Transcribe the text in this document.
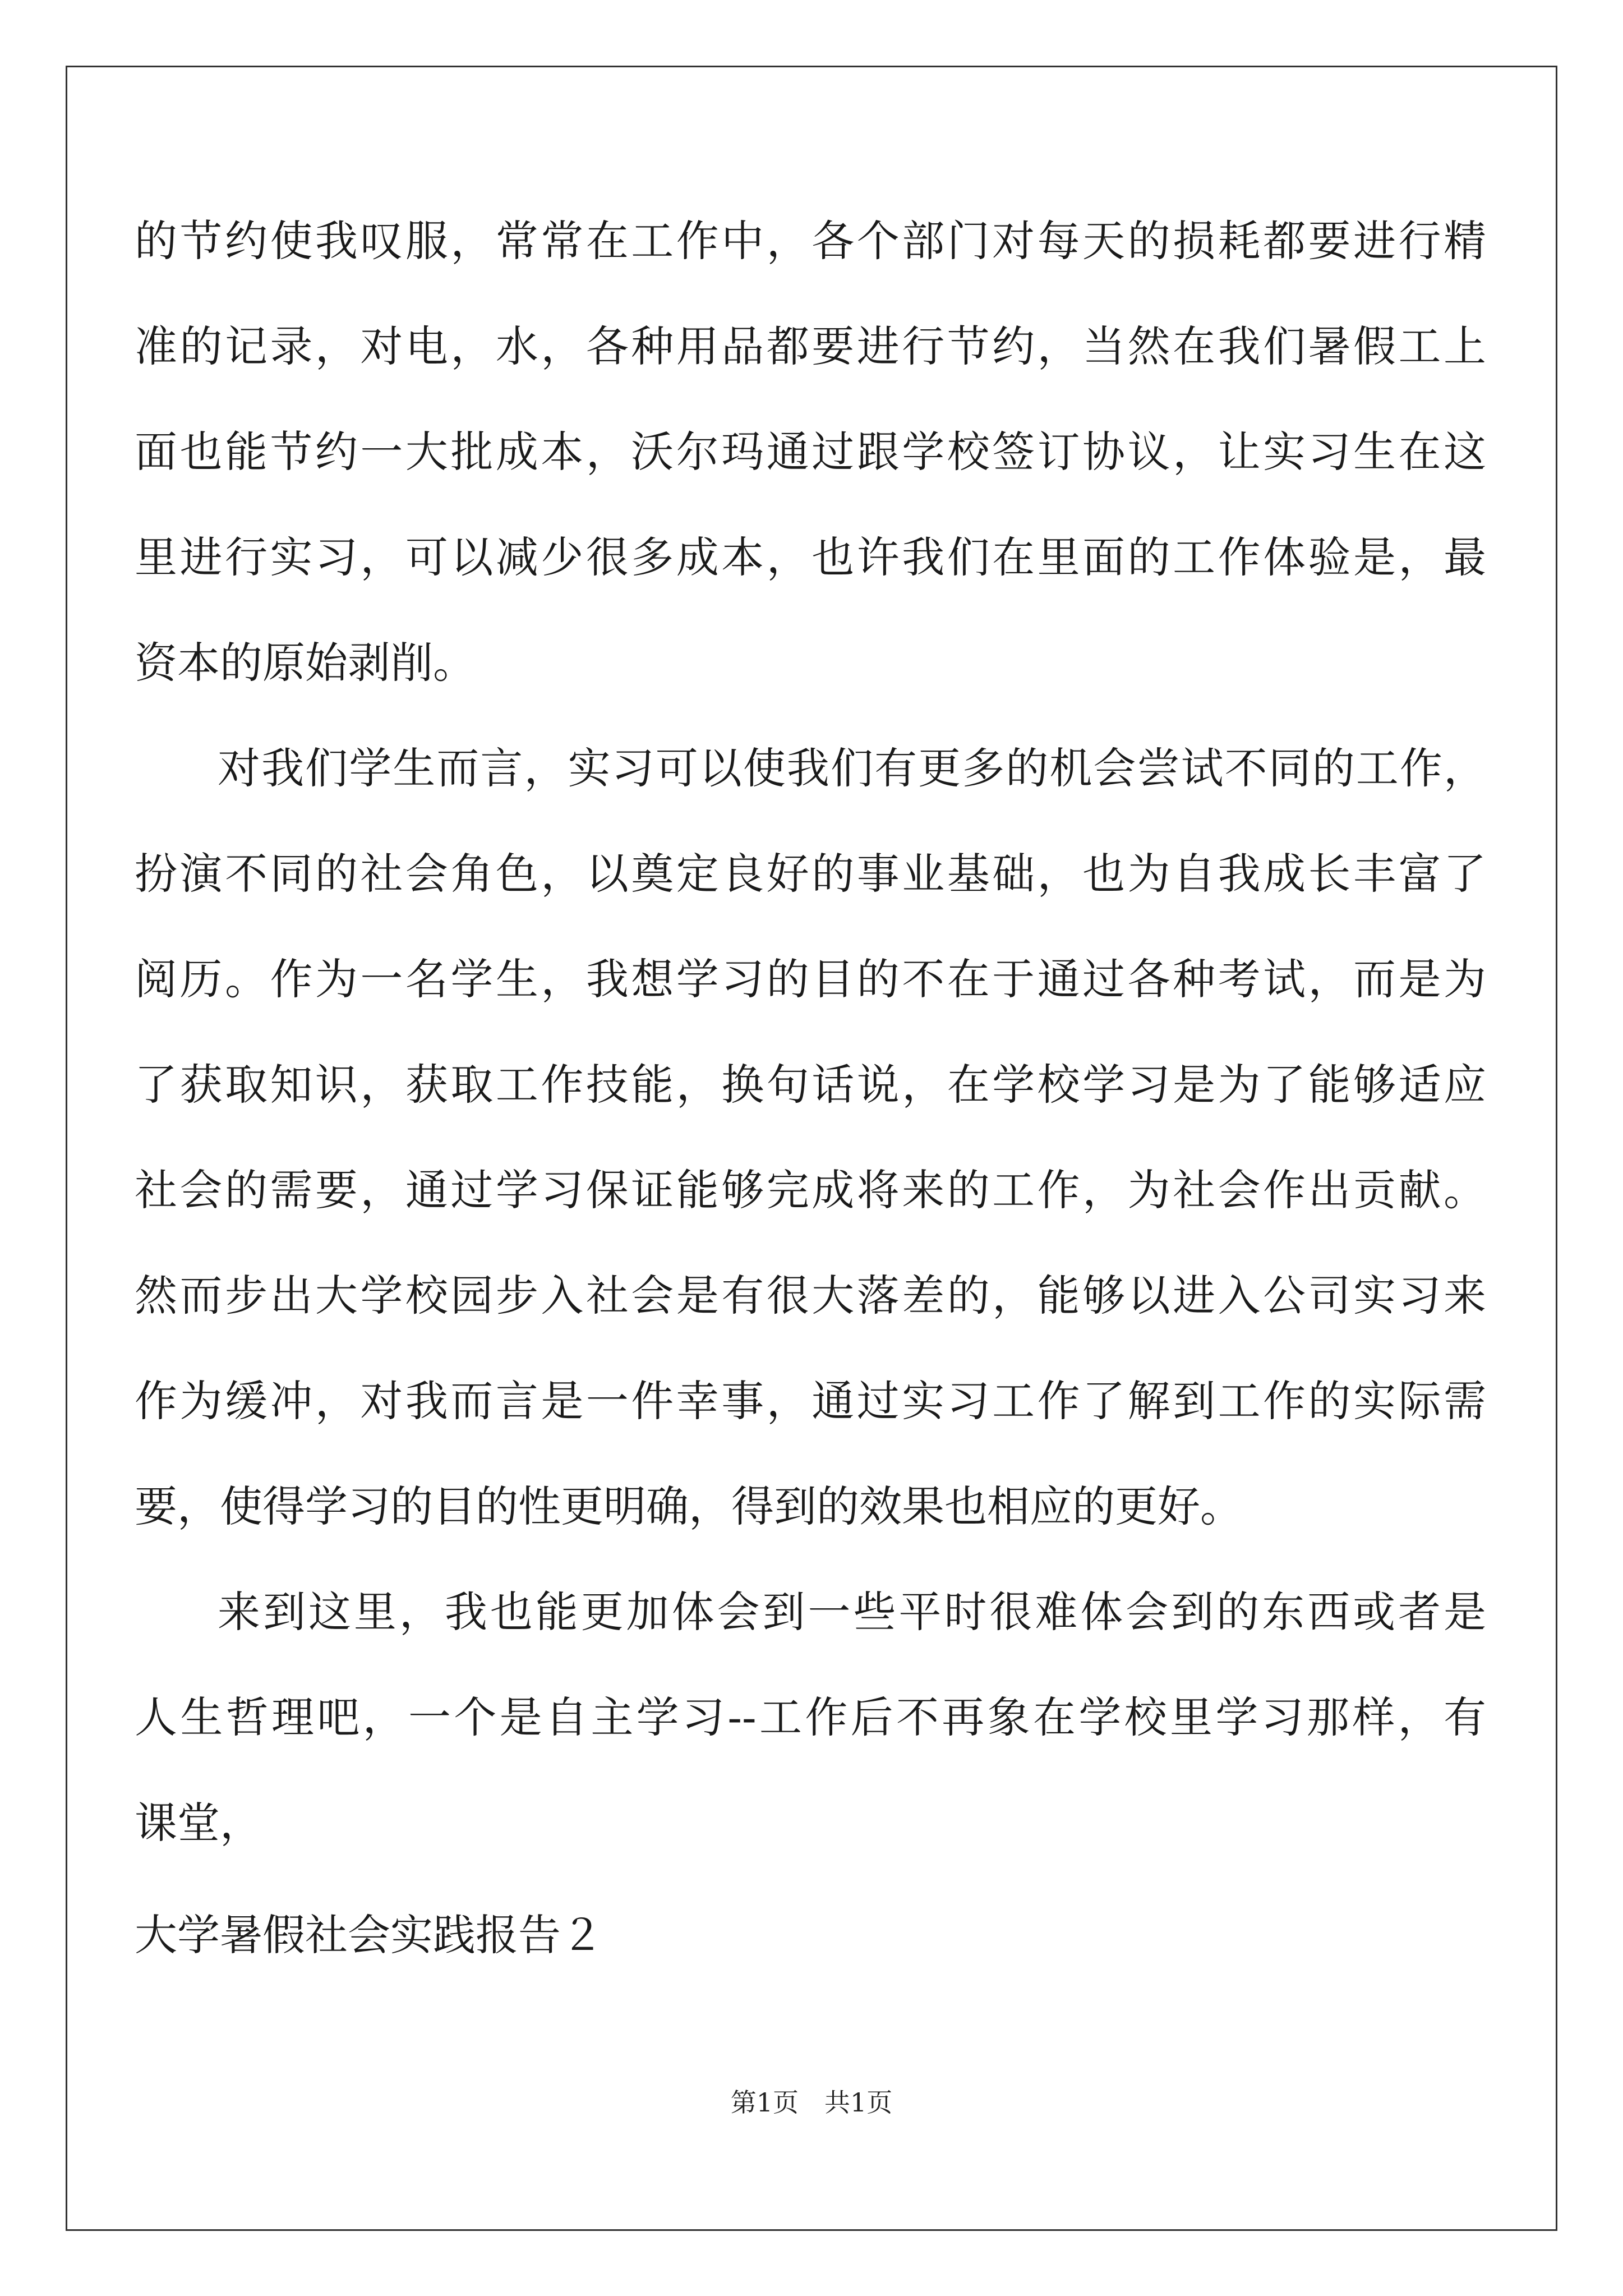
的节约使我叹服，常常在工作中，各个部门对每天的损耗都要进行精
准的记录，对电，水，各种用品都要进行节约，当然在我们暑假工上
面也能节约一大批成本，沃尔玛通过跟学校签订协议，让实习生在这
里进行实习，可以减少很多成本，也许我们在里面的工作体验是，最
资本的原始剥削。
对我们学生而言，实习可以使我们有更多的机会尝试不同的工作，
扮演不同的社会角色，以奠定良好的事业基础，也为自我成长丰富了
阅历。作为一名学生，我想学习的目的不在于通过各种考试，而是为
了获取知识，获取工作技能，换句话说，在学校学习是为了能够适应
社会的需要，通过学习保证能够完成将来的工作，为社会作出贡献。
然而步出大学校园步入社会是有很大落差的，能够以进入公司实习来
作为缓冲，对我而言是一件幸事，通过实习工作了解到工作的实际需
要，使得学习的目的性更明确，得到的效果也相应的更好。
来到这里，我也能更加体会到一些平时很难体会到的东西或者是
人生哲理吧，一个是自主学习--工作后不再象在学校里学习那样，有
课堂，
大学暑假社会实践报告２
第1页　共1页
